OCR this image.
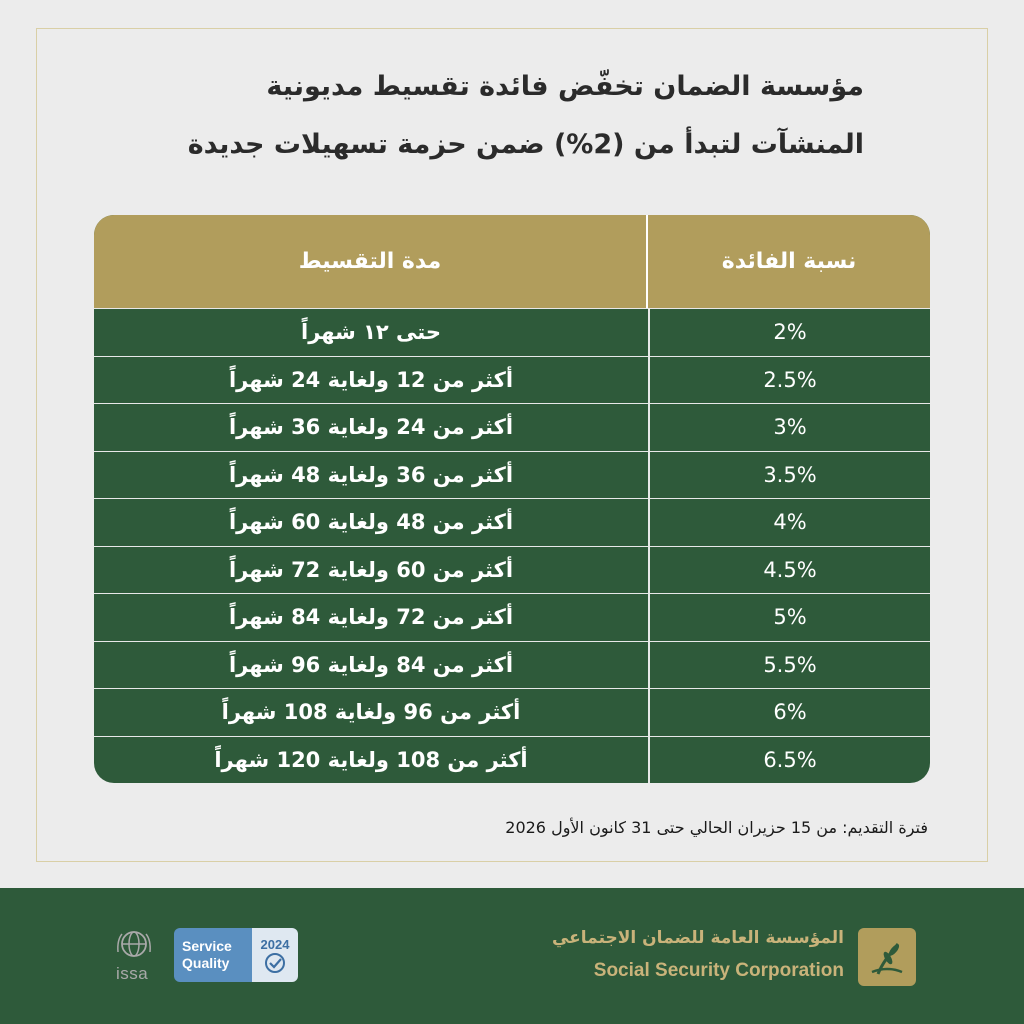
مؤسسة الضمان تخفّض فائدة تقسيط مديونية
المنشآت لتبدأ من (2%) ضمن حزمة تسهيلات جديدة
نسبة الفائدة
مدة التقسيط
2%
حتى ١٢ شهراً
2.5%
أكثر من 12 ولغاية 24 شهراً
3%
أكثر من 24 ولغاية 36 شهراً
3.5%
أكثر من 36 ولغاية 48 شهراً
4%
أكثر من 48 ولغاية 60 شهراً
4.5%
أكثر من 60 ولغاية 72 شهراً
5%
أكثر من 72 ولغاية 84 شهراً
5.5%
أكثر من 84 ولغاية 96 شهراً
6%
أكثر من 96 ولغاية 108 شهراً
6.5%
أكثر من 108 ولغاية 120 شهراً
فترة التقديم: من 15 حزيران الحالي حتى 31 كانون الأول 2026
المؤسسة العامة للضمان الاجتماعي
Social Security Corporation
Service
Quality
2024
issa
